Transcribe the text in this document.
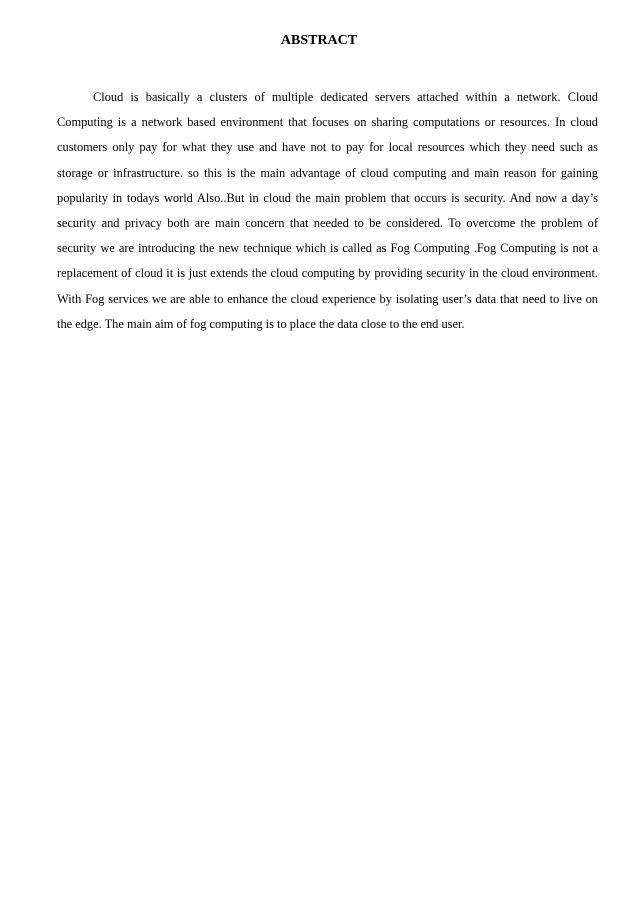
ABSTRACT

Cloud is basically a clusters of multiple dedicated servers attached within a network. Cloud Computing is a network based environment that focuses on sharing computations or resources. In cloud customers only pay for what they use and have not to pay for local resources which they need such as storage or infrastructure. so this is the main advantage of cloud computing and main reason for gaining popularity in todays world Also..But in cloud the main problem that occurs is security. And now a day’s security and privacy both are main concern that needed to be considered. To overcome the problem of security we are introducing the new technique which is called as Fog Computing .Fog Computing is not a replacement of cloud it is just extends the cloud computing by providing security in the cloud environment. With Fog services we are able to enhance the cloud experience by isolating user’s data that need to live on the edge. The main aim of fog computing is to place the data close to the end user.
